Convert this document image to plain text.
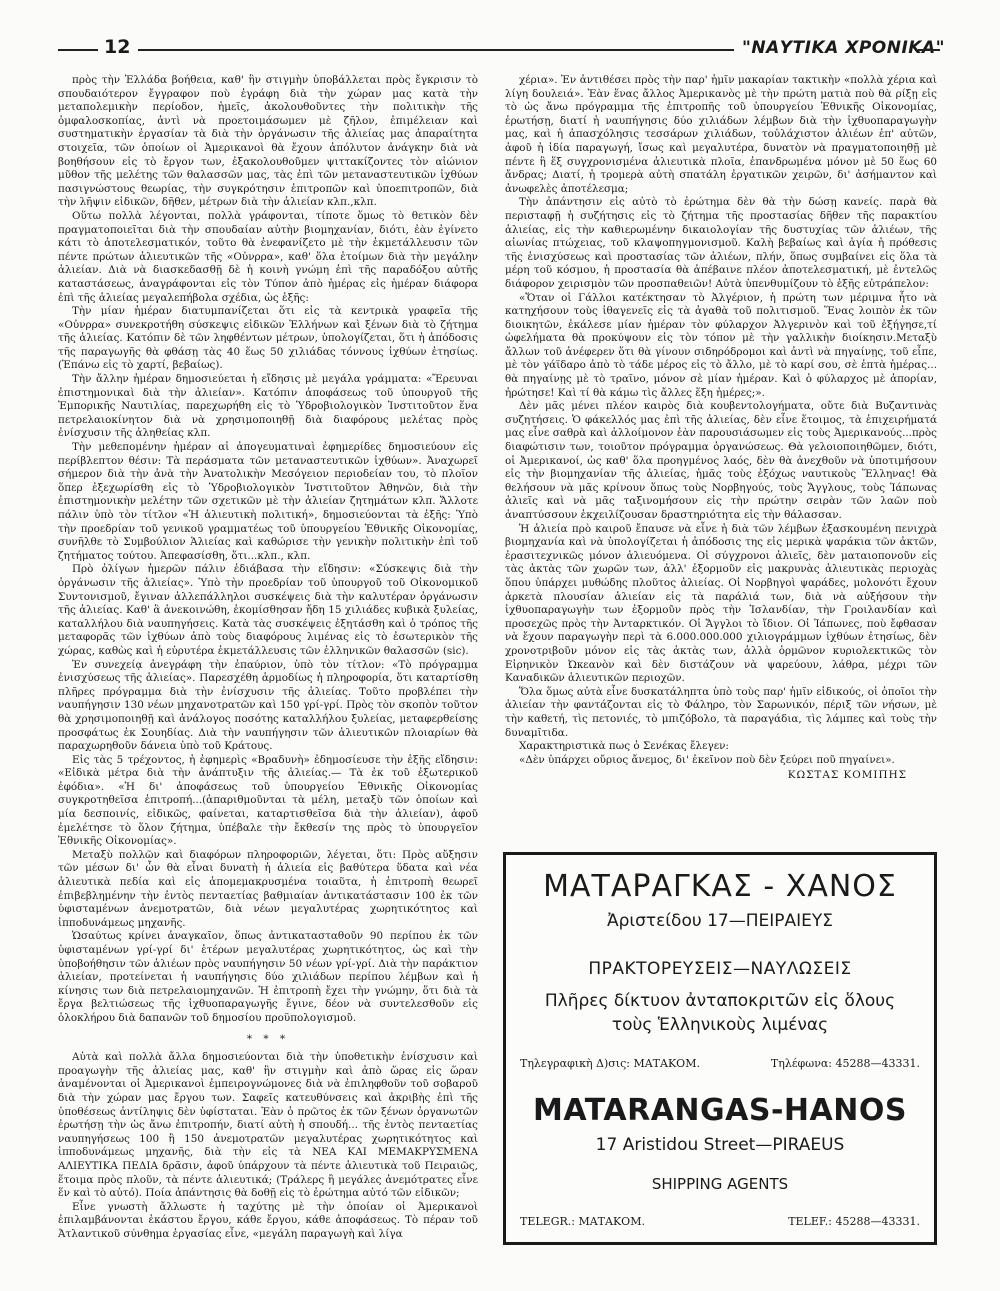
12	"ΝΑΥΤΙΚΑ ΧΡΟΝΙΚΑ"

πρὸς τὴν Ἑλλάδα βοήθεια, καθ' ἣν στιγμὴν ὑποβάλλεται πρὸς ἔγκρισιν τὸ σπουδαιότερον ἔγγραφον ποὺ ἐγράφη διὰ τὴν χώραν μας κατὰ τὴν μεταπολεμικὴν περίοδον, ἡμεῖς, ἀκολουθοῦντες τὴν πολιτικὴν τῆς ὀμφαλοσκοπίας, ἀντὶ νὰ προετοιμάσωμεν μὲ ζῆλον, ἐπιμέλειαν καὶ συστηματικὴν ἐργασίαν τὰ διὰ τὴν ὀργάνωσιν τῆς ἁλιείας μας ἀπαραίτητα στοιχεῖα, τῶν ὁποίων οἱ Ἀμερικανοὶ θὰ ἔχουν ἀπόλυτον ἀνάγκην διὰ νὰ βοηθήσουν εἰς τὸ ἔργον των, ἐξακολουθοῦμεν ψιττακίζοντες τὸν αἰώνιον μῦθον τῆς μελέτης τῶν θαλασσῶν μας, τὰς ἐπὶ τῶν μεταναστευτικῶν ἰχθύων πασιγνώστους θεωρίας, τὴν συγκρότησιν ἐπιτροπῶν καὶ ὑποεπιτροπῶν, διὰ τὴν λῆψιν εἰδικῶν, δῆθεν, μέτρων διὰ τὴν ἁλιείαν κλπ.,κλπ.

Οὕτω πολλὰ λέγονται, πολλὰ γράφονται, τίποτε ὅμως τὸ θετικὸν δὲν πραγματοποιεῖται διὰ τὴν σπουδαίαν αὐτὴν βιομηχανίαν, διότι, ἐὰν ἐγίνετο κάτι τὸ ἀποτελεσματικόν, τοῦτο θὰ ἐνεφανίζετο μὲ τὴν ἐκμετάλλευσιν τῶν πέντε πρώτων ἁλιευτικῶν τῆς «Οὐνρρα», καθ' ὅλα ἑτοίμων διὰ τὴν μεγάλην ἁλιείαν. Διὰ νὰ διασκεδασθῇ δὲ ἡ κοινὴ γνώμη ἐπὶ τῆς παραδόξου αὐτῆς καταστάσεως, ἀναγράφονται εἰς τὸν Τύπον ἀπὸ ἡμέρας εἰς ἡμέραν διάφορα ἐπὶ τῆς ἁλιείας μεγαλεπήβολα σχέδια, ὡς ἑξῆς:

Τὴν μίαν ἡμέραν διατυμπανίζεται ὅτι εἰς τὰ κεντρικὰ γραφεῖα τῆς «Οὐνρρα» συνεκροτήθη σύσκεψις εἰδικῶν Ἑλλήνων καὶ ξένων διὰ τὸ ζήτημα τῆς ἁλιείας. Κατόπιν δὲ τῶν ληφθέντων μέτρων, ὑπολογίζεται, ὅτι ἡ ἀπόδοσις τῆς παραγωγῆς θὰ φθάσῃ τὰς 40 ἕως 50 χιλιάδας τόννους ἰχθύων ἐτησίως. (Ἐπάνω εἰς τὸ χαρτί, βεβαίως).

Τὴν ἄλλην ἡμέραν δημοσιεύεται ἡ εἴδησις μὲ μεγάλα γράμματα: «Ἔρευναι ἐπιστημονικαὶ διὰ τὴν ἁλιείαν». Κατόπιν ἀποφάσεως τοῦ ὑπουργοῦ τῆς Ἐμπορικῆς Ναυτιλίας, παρεχωρήθη εἰς τὸ Ὑδροβιολογικὸν Ἰνστιτοῦτον ἕνα πετρελαιοκίνητον διὰ νὰ χρησιμοποιηθῇ διὰ διαφόρους μελέτας πρὸς ἐνίσχυσιν τῆς ἀληθείας κλπ.

Τὴν μεθεπομένην ἡμέραν αἱ ἀπογευματιναὶ ἐφημερίδες δημοσιεύουν εἰς περίβλεπτον θέσιν: Τὰ περάσματα τῶν μεταναστευτικῶν ἰχθύων». Ἀναχωρεῖ σήμερον διὰ τὴν ἀνὰ τὴν Ἀνατολικὴν Μεσόγειον περιοδείαν του, τὸ πλοῖον ὅπερ ἐξεχωρίσθη εἰς τὸ Ὑδροβιολογικὸν Ἰνστιτοῦτον Ἀθηνῶν, διὰ τὴν ἐπιστημονικὴν μελέτην τῶν σχετικῶν μὲ τὴν ἁλιείαν ζητημάτων κλπ. Ἄλλοτε πάλιν ὑπὸ τὸν τίτλον «Ἡ ἁλιευτικὴ πολιτική», δημοσιεύονται τὰ ἑξῆς: Ὑπὸ τὴν προεδρίαν τοῦ γενικοῦ γραμματέως τοῦ ὑπουργείου Ἐθνικῆς Οἰκονομίας, συνῆλθε τὸ Συμβούλιον Ἁλιείας καὶ καθώρισε τὴν γενικὴν πολιτικὴν ἐπὶ τοῦ ζητήματος τούτου. Ἀπεφασίσθη, ὅτι...κλπ., κλπ.

Πρὸ ὀλίγων ἡμερῶν πάλιν ἐδιάβασα τὴν εἴδησιν: «Σύσκεψις διὰ τὴν ὀργάνωσιν τῆς ἁλιείας». Ὑπὸ τὴν προεδρίαν τοῦ ὑπουργοῦ τοῦ Οἰκονομικοῦ Συντονισμοῦ, ἔγιναν ἀλλεπάλληλοι συσκέψεις διὰ τὴν καλυτέραν ὀργάνωσιν τῆς ἁλιείας. Καθ' ἃ ἀνεκοινώθη, ἐκομίσθησαν ἤδη 15 χιλιάδες κυβικὰ ξυλείας, καταλλήλου διὰ ναυπηγήσεις. Κατὰ τὰς συσκέψεις ἐξητάσθη καὶ ὁ τρόπος τῆς μεταφορᾶς τῶν ἰχθύων ἀπὸ τοὺς διαφόρους λιμένας εἰς τὸ ἐσωτερικὸν τῆς χώρας, καθὼς καὶ ἡ εὐρυτέρα ἐκμετάλλευσις τῶν ἑλληνικῶν θαλασσῶν (sic).

Ἐν συνεχείᾳ ἀνεγράφη τὴν ἐπαύριον, ὑπὸ τὸν τίτλον: «Τὸ πρόγραμμα ἐνισχύσεως τῆς ἁλιείας». Παρεσχέθη ἁρμοδίως ἡ πληροφορία, ὅτι καταρτίσθη πλῆρες πρόγραμμα διὰ τὴν ἐνίσχυσιν τῆς ἁλιείας. Τοῦτο προβλέπει τὴν ναυπήγησιν 130 νέων μηχανοτρατῶν καὶ 150 γρί-γρί. Πρὸς τὸν σκοπὸν τοῦτον θὰ χρησιμοποιηθῇ καὶ ἀνάλογος ποσότης καταλλήλου ξυλείας, μεταφερθείσης προσφάτως ἐκ Σουηδίας. Διὰ τὴν ναυπήγησιν τῶν ἁλιευτικῶν πλοιαρίων θὰ παραχωρηθοῦν δάνεια ὑπὸ τοῦ Κράτους.

Εἰς τὰς 5 τρέχοντος, ἡ ἐφημερὶς «Βραδυνὴ» ἐδημοσίευσε τὴν ἑξῆς εἴδησιν: «Εἰδικὰ μέτρα διὰ τὴν ἀνάπτυξιν τῆς ἁλιείας.— Τὰ ἐκ τοῦ ἐξωτερικοῦ ἐφόδια». «Ἡ δι' ἀποφάσεως τοῦ ὑπουργείου Ἐθνικῆς Οἰκονομίας συγκροτηθεῖσα ἐπιτροπή...(ἀπαριθμοῦνται τὰ μέλη, μεταξὺ τῶν ὁποίων καὶ μία δεσποινίς, εἰδικῶς, φαίνεται, καταρτισθεῖσα διὰ τὴν ἁλιείαν), ἀφοῦ ἐμελέτησε τὸ ὅλον ζήτημα, ὑπέβαλε τὴν ἔκθεσίν της πρὸς τὸ ὑπουργεῖον Ἐθνικῆς Οἰκονομίας».

Μεταξὺ πολλῶν καὶ διαφόρων πληροφοριῶν, λέγεται, ὅτι: Πρὸς αὔξησιν τῶν μέσων δι' ὧν θὰ εἶναι δυνατὴ ἡ ἁλιεία εἰς βαθύτερα ὕδατα καὶ νέα ἁλιευτικὰ πεδία καὶ εἰς ἀπομεμακρυσμένα τοιαῦτα, ἡ ἐπιτροπὴ θεωρεῖ ἐπιβεβλημένην τὴν ἐντὸς πενταετίας βαθμιαίαν ἀντικατάστασιν 100 ἐκ τῶν ὑφισταμένων ἀνεμοτρατῶν, διὰ νέων μεγαλυτέρας χωρητικότητος καὶ ἱπποδυνάμεως μηχανῆς.

Ὡσαύτως κρίνει ἀναγκαῖον, ὅπως ἀντικατασταθοῦν 90 περίπου ἐκ τῶν ὑφισταμένων γρί-γρί δι' ἑτέρων μεγαλυτέρας χωρητικότητος, ὡς καὶ τὴν ὑποβοήθησιν τῶν ἁλιέων πρὸς ναυπήγησιν 50 νέων γρί-γρί. Διὰ τὴν παράκτιον ἁλιείαν, προτείνεται ἡ ναυπήγησις δύο χιλιάδων περίπου λέμβων καὶ ἡ κίνησις των διὰ πετρελαιομηχανῶν. Ἡ ἐπιτροπὴ ἔχει τὴν γνώμην, ὅτι διὰ τὰ ἔργα βελτιώσεως τῆς ἰχθυοπαραγωγῆς ἔγινε, δέον νὰ συντελεσθοῦν εἰς ὁλοκλήρου διὰ δαπανῶν τοῦ δημοσίου προϋπολογισμοῦ.

* * *

Αὐτὰ καὶ πολλὰ ἄλλα δημοσιεύονται διὰ τὴν ὑποθετικὴν ἐνίσχυσιν καὶ προαγωγὴν τῆς ἁλιείας μας, καθ' ἣν στιγμὴν καὶ ἀπὸ ὥρας εἰς ὥραν ἀναμένονται οἱ Ἀμερικανοὶ ἐμπειρογνώμονες διὰ νὰ ἐπιληφθοῦν τοῦ σοβαροῦ διὰ τὴν χώραν μας ἔργου των. Σαφεῖς κατευθύνσεις καὶ ἀκριβὴς ἐπὶ τῆς ὑποθέσεως ἀντίληψις δὲν ὑφίσταται. Ἐὰν ὁ πρῶτος ἐκ τῶν ξένων ὀργανωτῶν ἐρωτήσῃ τὴν ὡς ἄνω ἐπιτροπήν, διατί αὐτὴ ἡ σπουδή... τῆς ἐντὸς πενταετίας ναυπηγήσεως 100 ἢ 150 ἀνεμοτρατῶν μεγαλυτέρας χωρητικότητος καὶ ἱπποδυνάμεως μηχανῆς, διὰ τὴν εἰς τὰ ΝΕΑ ΚΑΙ ΜΕΜΑΚΡΥΣΜΕΝΑ ΑΛΙΕΥΤΙΚΑ ΠΕΔΙΑ δρᾶσιν, ἀφοῦ ὑπάρχουν τὰ πέντε ἁλιευτικὰ τοῦ Πειραιῶς, ἕτοιμα πρὸς πλοῦν, τὰ πέντε ἁλιευτικά; (Τράλερς ἢ μεγάλες ἀνεμότρατες εἶνε ἕν καὶ τὸ αὐτό). Ποία ἀπάντησις θὰ δοθῇ εἰς τὸ ἐρώτημα αὐτό τῶν εἰδικῶν;

Εἶνε γνωστὴ ἄλλωστε ἡ ταχύτης μὲ τὴν ὁποίαν οἱ Ἀμερικανοὶ ἐπιλαμβάνονται ἑκάστου ἔργου, κάθε ἔργου, κάθε ἀποφάσεως. Τὸ πέραν τοῦ Ἀτλαντικοῦ σύνθημα ἐργασίας εἶνε, «μεγάλη παραγωγὴ καὶ λίγα

χέρια». Ἐν ἀντιθέσει πρὸς τὴν παρ' ἡμῖν μακαρίαν τακτικὴν «πολλὰ χέρια καὶ λίγη δουλειά». Ἐὰν ἕνας ἄλλος Ἀμερικανὸς μὲ τὴν πρώτη ματιὰ ποὺ θὰ ρίξῃ εἰς τὸ ὡς ἄνω πρόγραμμα τῆς ἐπιτροπῆς τοῦ ὑπουργείου Ἐθνικῆς Οἰκονομίας, ἐρωτήσῃ, διατί ἡ ναυπήγησις δύο χιλιάδων λέμβων διὰ τὴν ἰχθυοπαραγωγὴν μας, καὶ ἡ ἀπασχόλησις τεσσάρων χιλιάδων, τοὐλάχιστον ἁλιέων ἐπ' αὐτῶν, ἀφοῦ ἡ ἰδία παραγωγή, ἴσως καὶ μεγαλυτέρα, δυνατὸν νὰ πραγματοποιηθῇ μὲ πέντε ἢ ἕξ συγχρονισμένα ἁλιευτικὰ πλοῖα, ἐπανδρωμένα μόνον μὲ 50 ἕως 60 ἄνδρας; Διατί, ἡ τρομερὰ αὐτὴ σπατάλη ἐργατικῶν χειρῶν, δι' ἀσήμαντον καὶ ἀνωφελὲς ἀποτέλεσμα;

Τὴν ἀπάντησιν εἰς αὐτὸ τὸ ἐρώτημα δὲν θὰ τὴν δώσῃ κανείς. παρὰ θὰ περισταφῇ ἡ συζήτησις εἰς τὸ ζήτημα τῆς προστασίας δῆθεν τῆς παρακτίου ἁλιείας, εἰς τὴν καθιερωμένην δικαιολογίαν τῆς δυστυχίας τῶν ἁλιέων, τῆς αἰωνίας πτώχειας, τοῦ κλαψοπηγμονισμοῦ. Καλὴ βεβαίως καὶ ἁγία ἡ πρόθεσις τῆς ἐνισχύσεως καὶ προστασίας τῶν ἁλιέων, πλήν, ὅπως συμβαίνει εἰς ὅλα τὰ μέρη τοῦ κόσμου, ἡ προστασία θὰ ἀπέβαινε πλέον ἀποτελεσματική, μὲ ἐντελῶς διάφορον χειρισμὸν τῶν προσπαθειῶν! Αὐτὰ ὑπενθυμίζουν τὸ ἑξῆς εὐτράπελον:

«Ὅταν οἱ Γάλλοι κατέκτησαν τὸ Ἀλγέριον, ἡ πρώτη των μέριμνα ἦτο νὰ κατηχήσουν τοὺς ἰθαγενεῖς εἰς τὰ ἀγαθὰ τοῦ πολιτισμοῦ. Ἕνας λοιπὸν ἐκ τῶν διοικητῶν, ἐκάλεσε μίαν ἡμέραν τὸν φύλαρχον Ἀλγερινὸν καὶ τοῦ ἐξήγησε,τί ὠφελήματα θὰ προκύψουν εἰς τὸν τόπον μὲ τὴν γαλλικὴν διοίκησιν.Μεταξὺ ἄλλων τοῦ ἀνέφερεν ὅτι θὰ γίνουν σιδηρόδρομοι καὶ ἀντὶ νὰ πηγαίνῃς, τοῦ εἶπε, μὲ τὸν γάϊδαρο ἀπὸ τὸ τάδε μέρος εἰς τὸ ἄλλο, μὲ τὸ καρί σου, σὲ ἑπτὰ ἡμέρας... θὰ πηγαίνῃς μὲ τὸ τραῖνο, μόνον σὲ μίαν ἡμέραν. Καὶ ὁ φύλαρχος μὲ ἀπορίαν, ἠρώτησε! Καὶ τί θὰ κάμω τὶς ἄλλες ἕξη ἡμέρες;».

Δὲν μᾶς μένει πλέον καιρὸς διὰ κουβεντολογήματα, οὔτε διὰ Βυζαντινὰς συζητήσεις. Ὁ φάκελλός μας ἐπὶ τῆς ἁλιείας, δὲν εἶνε ἕτοιμος, τὰ ἐπιχειρήματά μας εἶνε σαθρὰ καὶ ἀλλοίμονον ἐὰν παρουσιάσωμεν εἰς τοὺς Ἀμερικανούς...πρὸς διαφώτισιν των, τοιοῦτον πρόγραμμα ὀργανώσεως. Θὰ γελοιοποιηθῶμεν, διότι, οἱ Ἀμερικανοί, ὡς καθ' ὅλα προηγμένος λαός, δὲν θὰ ἀνεχθοῦν νὰ ὑποτιμήσουν εἰς τὴν βιομηχανίαν τῆς ἁλιείας, ἡμᾶς τοὺς ἐξόχως ναυτικοὺς Ἕλληνας! Θὰ θελήσουν νὰ μᾶς κρίνουν ὅπως τοὺς Νορβηγούς, τοὺς Ἄγγλους, τοὺς Ἰάπωνας ἁλιεῖς καὶ νὰ μᾶς ταξινομήσουν εἰς τὴν πρώτην σειρὰν τῶν λαῶν ποὺ ἀναπτύσσουν ἐκχειλίζουσαν δραστηριότητα εἰς τὴν θάλασσαν.

Ἡ ἁλιεία πρὸ καιροῦ ἔπαυσε νὰ εἶνε ἡ διὰ τῶν λέμβων ἐξασκουμένη πενιχρὰ βιομηχανία καὶ νὰ ὑπολογίζεται ἡ ἀπόδοσις της εἰς μερικὰ ψαράκια τῶν ἀκτῶν, ἐρασιτεχνικῶς μόνον ἁλιευόμενα. Οἱ σύγχρονοι ἁλιεῖς, δὲν ματαιοπονοῦν εἰς τὰς ἀκτὰς τῶν χωρῶν των, ἀλλ' ἐξορμοῦν εἰς μακρυνὰς ἁλιευτικὰς περιοχὰς ὅπου ὑπάρχει μυθώδης πλοῦτος ἁλιείας. Οἱ Νορβηγοὶ ψαράδες, μολονότι ἔχουν ἀρκετὰ πλουσίαν ἁλιείαν εἰς τὰ παράλιά των, διὰ νὰ αὐξήσουν τὴν ἰχθυοπαραγωγὴν των ἐξορμοῦν πρὸς τὴν Ἰσλανδίαν, τὴν Γροιλανδίαν καὶ προσεχῶς πρὸς τὴν Ἀνταρκτικόν. Οἱ Ἄγγλοι τὸ ἴδιον. Οἱ Ἰάπωνες, ποὺ ἔφθασαν νὰ ἔχουν παραγωγὴν περὶ τὰ 6.000.000.000 χιλιογράμμων ἰχθύων ἐτησίως, δὲν χρονοτριβοῦν μόνον εἰς τὰς ἀκτὰς των, ἀλλὰ ὁρμῶνον κυριολεκτικῶς τὸν Εἰρηνικὸν Ὠκεανὸν καὶ δὲν διστάζουν νὰ ψαρεύουν, λάθρα, μέχρι τῶν Καναδικῶν ἁλιευτικῶν περιοχῶν.

Ὅλα ὅμως αὐτὰ εἶνε δυσκατάληπτα ὑπὸ τοὺς παρ' ἡμῖν εἰδικούς, οἱ ὁποῖοι τὴν ἁλιείαν τὴν φαντάζονται εἰς τὸ Φάληρο, τὸν Σαρωνικόν, πέριξ τῶν νήσων, μὲ τὴν καθετή, τὶς πετονιές, τὸ μπιζόβολο, τὰ παραγάδια, τὶς λάμπες καὶ τοὺς τὴν δυναμῖτιδα.

Χαρακτηριστικὰ πως ὁ Σενέκας ἔλεγεν:

«Δὲν ὑπάρχει οὔριος ἄνεμος, δι' ἐκεῖνον ποὺ δὲν ξεύρει ποῦ πηγαίνει».

ΚΩΣΤΑΣ ΚΟΜΙΠΗΣ
ΜΑΤΑΡΑΓΚΑΣ - ΧΑΝΟΣ
Ἀριστείδου 17—ΠΕΙΡΑΙΕΥΣ
ΠΡΑΚΤΟΡΕΥΣΕΙΣ—ΝΑΥΛΩΣΕΙΣ
Πλῆρες δίκτυον ἀνταποκριτῶν εἰς ὅλους
τοὺς Ἑλληνικοὺς λιμένας
Τηλεγραφικὴ Δ)σις: ΜΑΤΑΚΟΜ.	Τηλέφωνα: 45288—43331.
MATARANGAS-HANOS
17 Aristidou Street—PIRAEUS
SHIPPING AGENTS
TELEGR.: ΜΑΤΑΚΟΜ.	TELEF.: 45288—43331.
